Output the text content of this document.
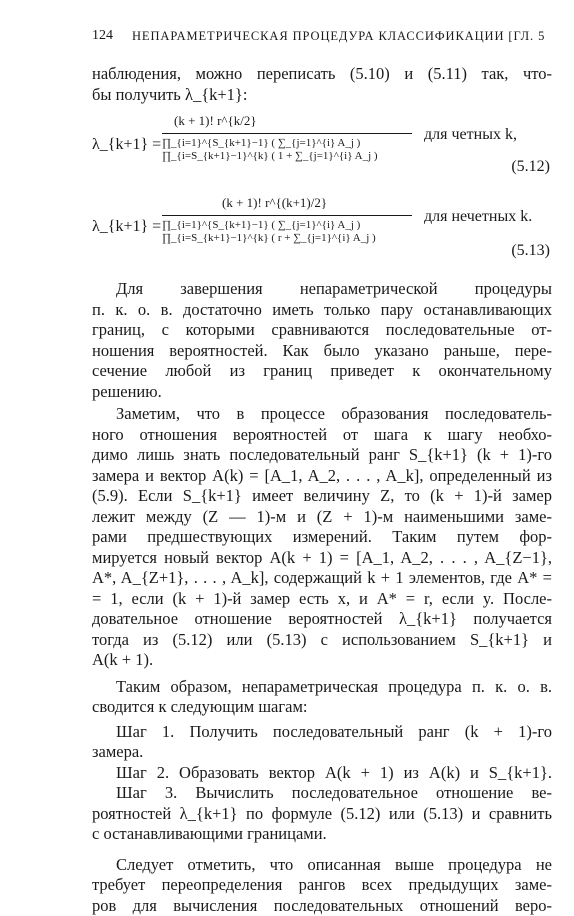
124 НЕПАРАМЕТРИЧЕСКАЯ ПРОЦЕДУРА КЛАССИФИКАЦИИ [ГЛ. 5
наблюдения, можно переписать (5.10) и (5.11) так, что-
бы получить λ_{k+1}:
λ_{k+1} =
(k + 1)! r^{k/2}
∏_{i=1}^{S_{k+1}−1} ( ∑_{j=1}^{i} A_j ) ∏_{i=S_{k+1}−1}^{k} ( 1 + ∑_{j=1}^{i} A_j )
для четных k,
(5.12)
λ_{k+1} =
(k + 1)! r^{(k+1)/2}
∏_{i=1}^{S_{k+1}−1} ( ∑_{j=1}^{i} A_j ) ∏_{i=S_{k+1}−1}^{k} ( r + ∑_{j=1}^{i} A_j )
для нечетных k.
(5.13)
Для завершения непараметрической процедуры
п. к. о. в. достаточно иметь только пару останавливающих
границ, с которыми сравниваются последовательные от-
ношения вероятностей. Как было указано раньше, пере-
сечение любой из границ приведет к окончательному
решению.
Заметим, что в процессе образования последователь-
ного отношения вероятностей от шага к шагу необхо-
димо лишь знать последовательный ранг S_{k+1} (k + 1)-го
замера и вектор A(k) = [A_1, A_2, . . . , A_k], определенный из
(5.9). Если S_{k+1} имеет величину Z, то (k + 1)-й замер
лежит между (Z — 1)-м и (Z + 1)-м наименьшими заме-
рами предшествующих измерений. Таким путем фор-
мируется новый вектор A(k + 1) = [A_1, A_2, . . . , A_{Z−1},
A*, A_{Z+1}, . . . , A_k], содержащий k + 1 элементов, где A* =
= 1, если (k + 1)-й замер есть x, и A* = r, если y. После-
довательное отношение вероятностей λ_{k+1} получается
тогда из (5.12) или (5.13) с использованием S_{k+1} и
A(k + 1).
Таким образом, непараметрическая процедура п. к. о. в.
сводится к следующим шагам:
Шаг 1. Получить последовательный ранг (k + 1)-го
замера.
Шаг 2. Образовать вектор A(k + 1) из A(k) и S_{k+1}.
Шаг 3. Вычислить последовательное отношение ве-
роятностей λ_{k+1} по формуле (5.12) или (5.13) и сравнить
с останавливающими границами.
Следует отметить, что описанная выше процедура не
требует переопределения рангов всех предыдущих заме-
ров для вычисления последовательных отношений веро-
